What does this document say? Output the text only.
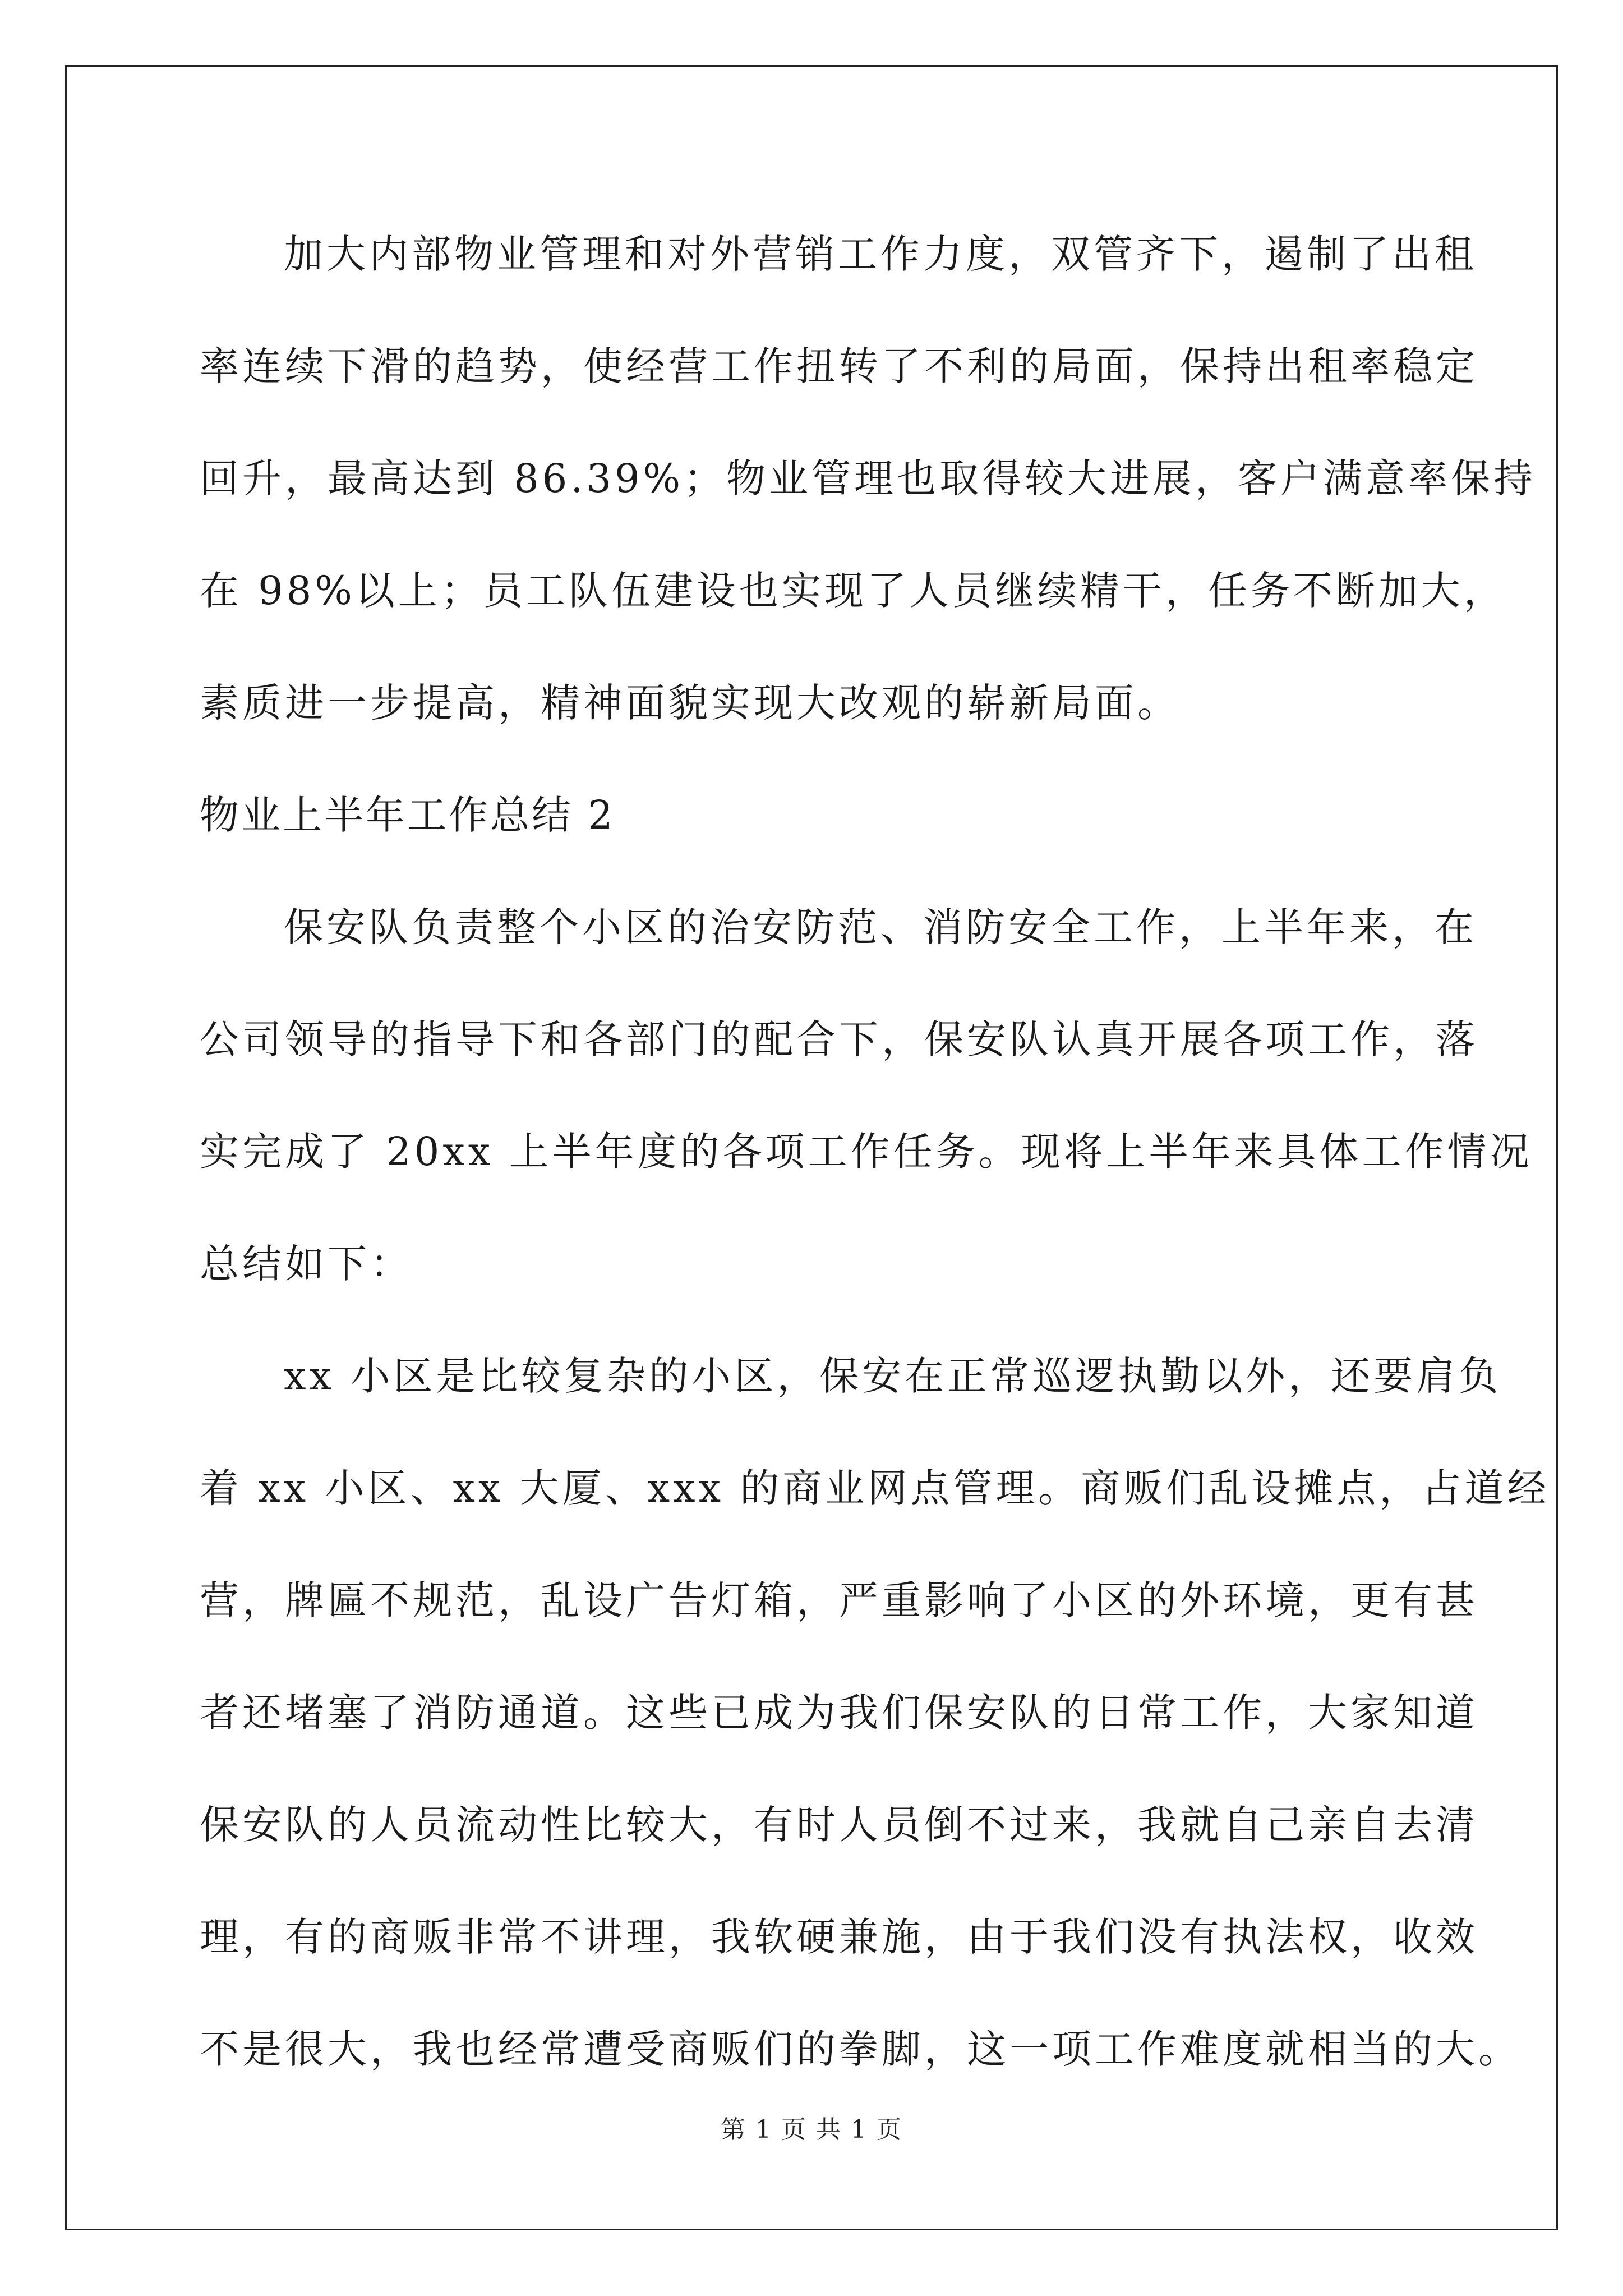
加大内部物业管理和对外营销工作力度，双管齐下，遏制了出租
率连续下滑的趋势，使经营工作扭转了不利的局面，保持出租率稳定
回升，最高达到 86.39%；物业管理也取得较大进展，客户满意率保持
在 98%以上；员工队伍建设也实现了人员继续精干，任务不断加大，
素质进一步提高，精神面貌实现大改观的崭新局面。
物业上半年工作总结 2
保安队负责整个小区的治安防范、消防安全工作，上半年来，在
公司领导的指导下和各部门的配合下，保安队认真开展各项工作，落
实完成了 20xx 上半年度的各项工作任务。现将上半年来具体工作情况
总结如下：
xx 小区是比较复杂的小区，保安在正常巡逻执勤以外，还要肩负
着 xx 小区、xx 大厦、xxx 的商业网点管理。商贩们乱设摊点，占道经
营，牌匾不规范，乱设广告灯箱，严重影响了小区的外环境，更有甚
者还堵塞了消防通道。这些已成为我们保安队的日常工作，大家知道
保安队的人员流动性比较大，有时人员倒不过来，我就自己亲自去清
理，有的商贩非常不讲理，我软硬兼施，由于我们没有执法权，收效
不是很大，我也经常遭受商贩们的拳脚，这一项工作难度就相当的大。
第 1 页 共 1 页
